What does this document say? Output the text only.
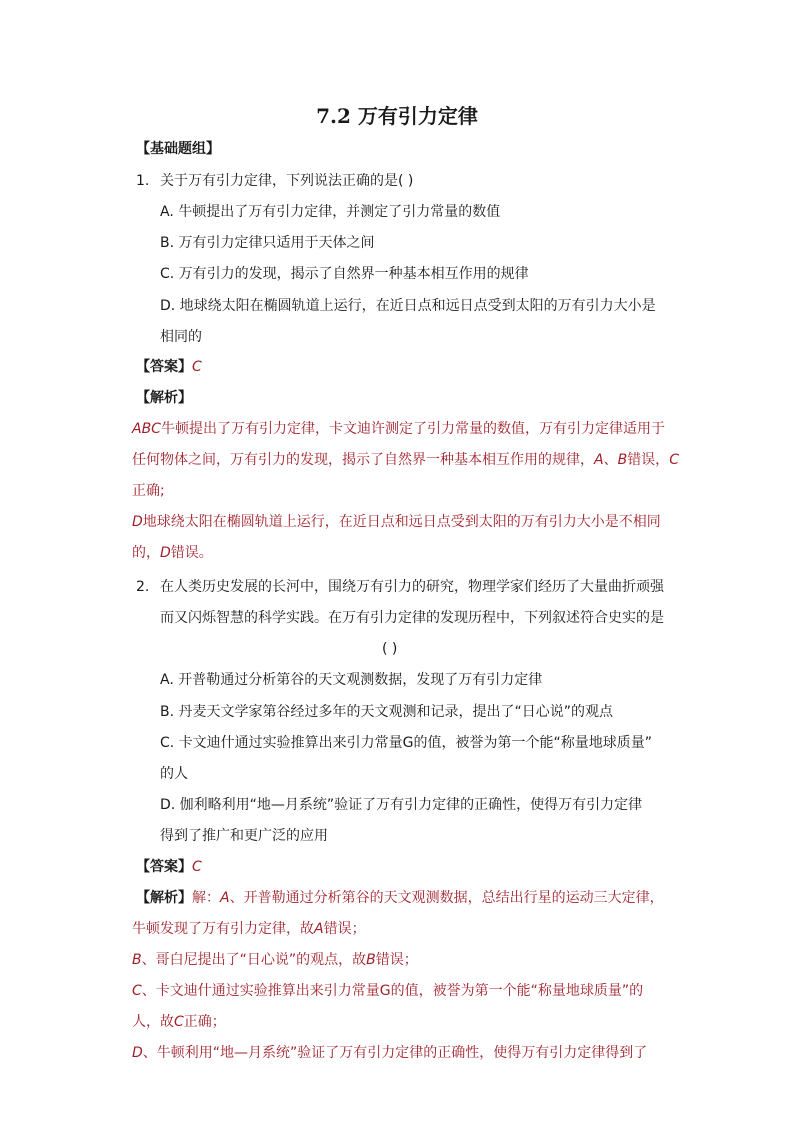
7.2 万有引力定律
【基础题组】
1. 关于万有引力定律，下列说法正确的是( )
A. 牛顿提出了万有引力定律，并测定了引力常量的数值
B. 万有引力定律只适用于天体之间
C. 万有引力的发现，揭示了自然界一种基本相互作用的规律
D. 地球绕太阳在椭圆轨道上运行，在近日点和远日点受到太阳的万有引力大小是
相同的
【答案】C
【解析】
ABC牛顿提出了万有引力定律，卡文迪许测定了引力常量的数值，万有引力定律适用于
任何物体之间，万有引力的发现，揭示了自然界一种基本相互作用的规律，A、B错误，C
正确;
D地球绕太阳在椭圆轨道上运行，在近日点和远日点受到太阳的万有引力大小是不相同
的，D错误。
2. 在人类历史发展的长河中，围绕万有引力的研究，物理学家们经历了大量曲折顽强
而又闪烁智慧的科学实践。在万有引力定律的发现历程中，下列叙述符合史实的是
( )
A. 开普勒通过分析第谷的天文观测数据，发现了万有引力定律
B. 丹麦天文学家第谷经过多年的天文观测和记录，提出了“日心说”的观点
C. 卡文迪什通过实验推算出来引力常量G的值，被誉为第一个能“称量地球质量”
的人
D. 伽利略利用“地—月系统”验证了万有引力定律的正确性，使得万有引力定律
得到了推广和更广泛的应用
【答案】C
【解析】解：A、开普勒通过分析第谷的天文观测数据，总结出行星的运动三大定律，
牛顿发现了万有引力定律，故A错误；
B、哥白尼提出了“日心说”的观点，故B错误；
C、卡文迪什通过实验推算出来引力常量G的值，被誉为第一个能“称量地球质量”的
人，故C正确；
D、牛顿利用“地—月系统”验证了万有引力定律的正确性，使得万有引力定律得到了
